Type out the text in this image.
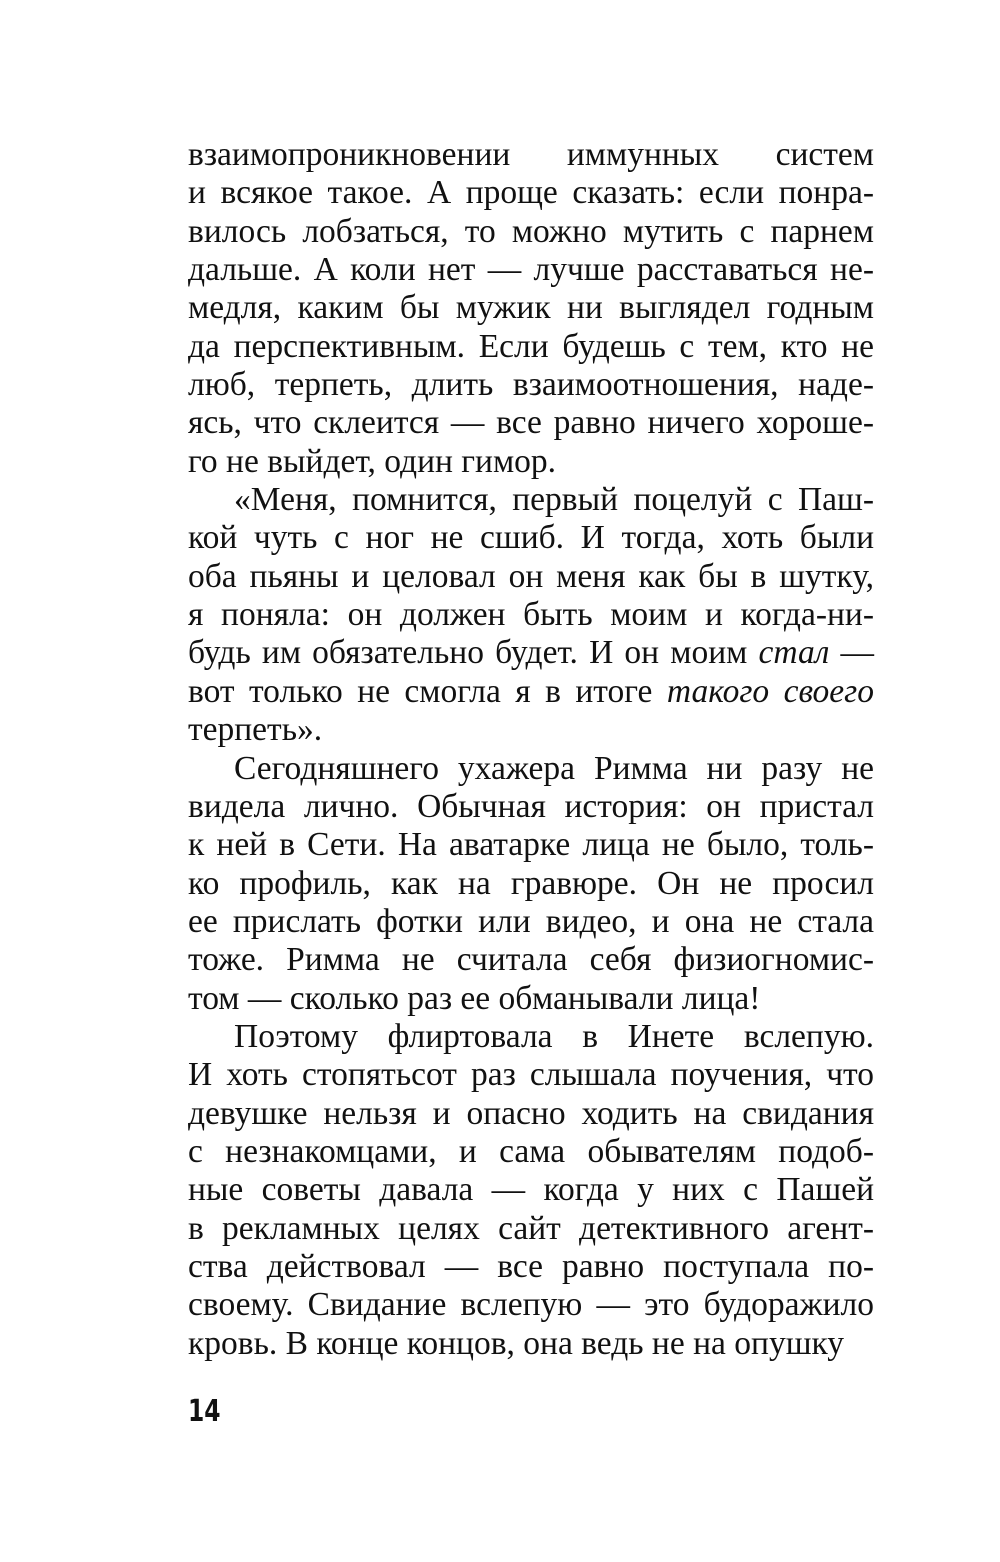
взаимопроникновении иммунных систем
и всякое такое. А проще сказать: если понра-
вилось лобзаться, то можно мутить с парнем
дальше. А коли нет — лучше расставаться не-
медля, каким бы мужик ни выглядел годным
да перспективным. Если будешь с тем, кто не
люб, терпеть, длить взаимоотношения, наде-
ясь, что склеится — все равно ничего хороше-
го не выйдет, один гимор.
«Меня, помнится, первый поцелуй с Паш-
кой чуть с ног не сшиб. И тогда, хоть были
оба пьяны и целовал он меня как бы в шутку,
я поняла: он должен быть моим и когда-ни-
будь им обязательно будет. И он моим стал —
вот только не смогла я в итоге такого своего
терпеть».
Сегодняшнего ухажера Римма ни разу не
видела лично. Обычная история: он пристал
к ней в Сети. На аватарке лица не было, толь-
ко профиль, как на гравюре. Он не просил
ее прислать фотки или видео, и она не стала
тоже. Римма не считала себя физиогномис-
том — сколько раз ее обманывали лица!
Поэтому флиртовала в Инете вслепую.
И хоть стопятьсот раз слышала поучения, что
девушке нельзя и опасно ходить на свидания
с незнакомцами, и сама обывателям подоб-
ные советы давала — когда у них с Пашей
в рекламных целях сайт детективного агент-
ства действовал — все равно поступала по-
своему. Свидание вслепую — это будоражило
кровь. В конце концов, она ведь не на опушку
14
